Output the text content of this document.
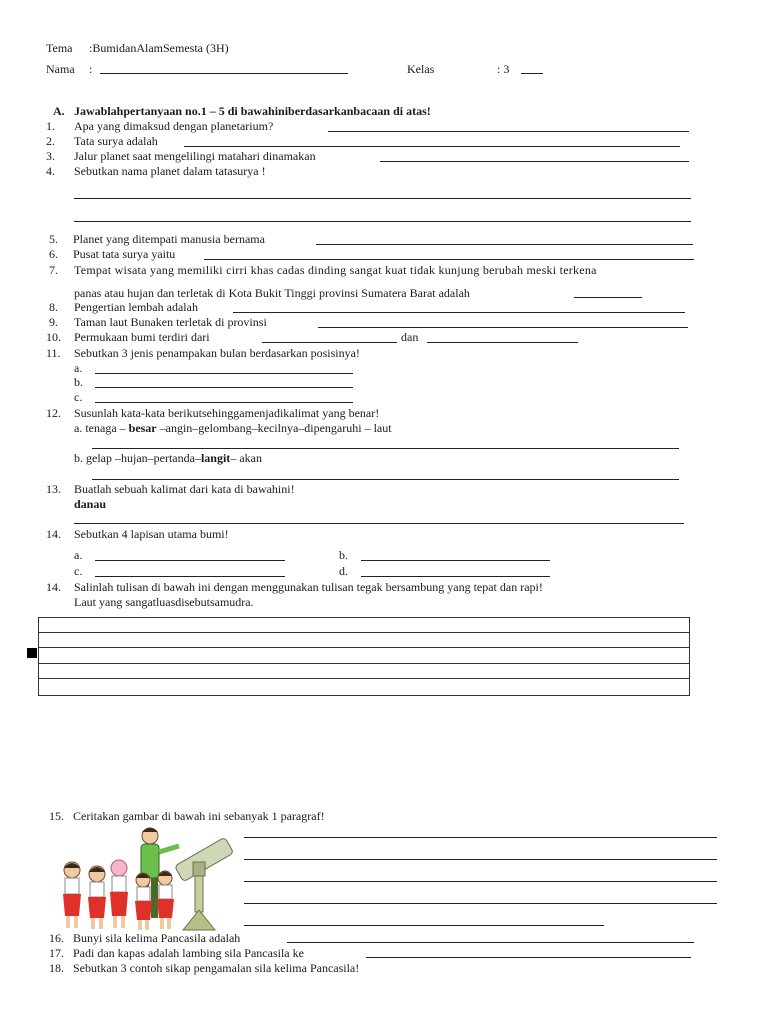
Tema :BumidanAlamSemesta (3H)
Nama :	Kelas	: 3
A. Jawablahpertanyaan no.1 – 5 di bawahiniberdasarkanbacaan di atas!
1. Apa yang dimaksud dengan planetarium?
2. Tata surya adalah
3. Jalur planet saat mengelilingi matahari dinamakan
4. Sebutkan nama planet dalam tatasurya !
5. Planet yang ditempati manusia bernama
6. Pusat tata surya yaitu
7. Tempat wisata yang memiliki cirri khas cadas dinding sangat kuat tidak kunjung berubah meski terkena
panas atau hujan dan terletak di Kota Bukit Tinggi provinsi Sumatera Barat adalah
8. Pengertian lembah adalah
9. Taman laut Bunaken terletak di provinsi
10. Permukaan bumi terdiri dari	dan
11. Sebutkan 3 jenis penampakan bulan berdasarkan posisinya!
a.
b.
c.
12. Susunlah kata-kata berikutsehinggamenjadikalimat yang benar!
a. tenaga – besar –angin–gelombang–kecilnya–dipengaruhi – laut
b. gelap –hujan–pertanda–langit– akan
13. Buatlah sebuah kalimat dari kata di bawahini!
danau
14. Sebutkan 4 lapisan utama bumi!
a.	b.
c.	d.
14. Salinlah tulisan di bawah ini dengan menggunakan tulisan tegak bersambung yang tepat dan rapi!
Laut yang sangatluasdisebutsamudra.
15. Ceritakan gambar di bawah ini sebanyak 1 paragraf!
16. Bunyi sila kelima Pancasila adalah
17. Padi dan kapas adalah lambing sila Pancasila ke
18. Sebutkan 3 contoh sikap pengamalan sila kelima Pancasila!
